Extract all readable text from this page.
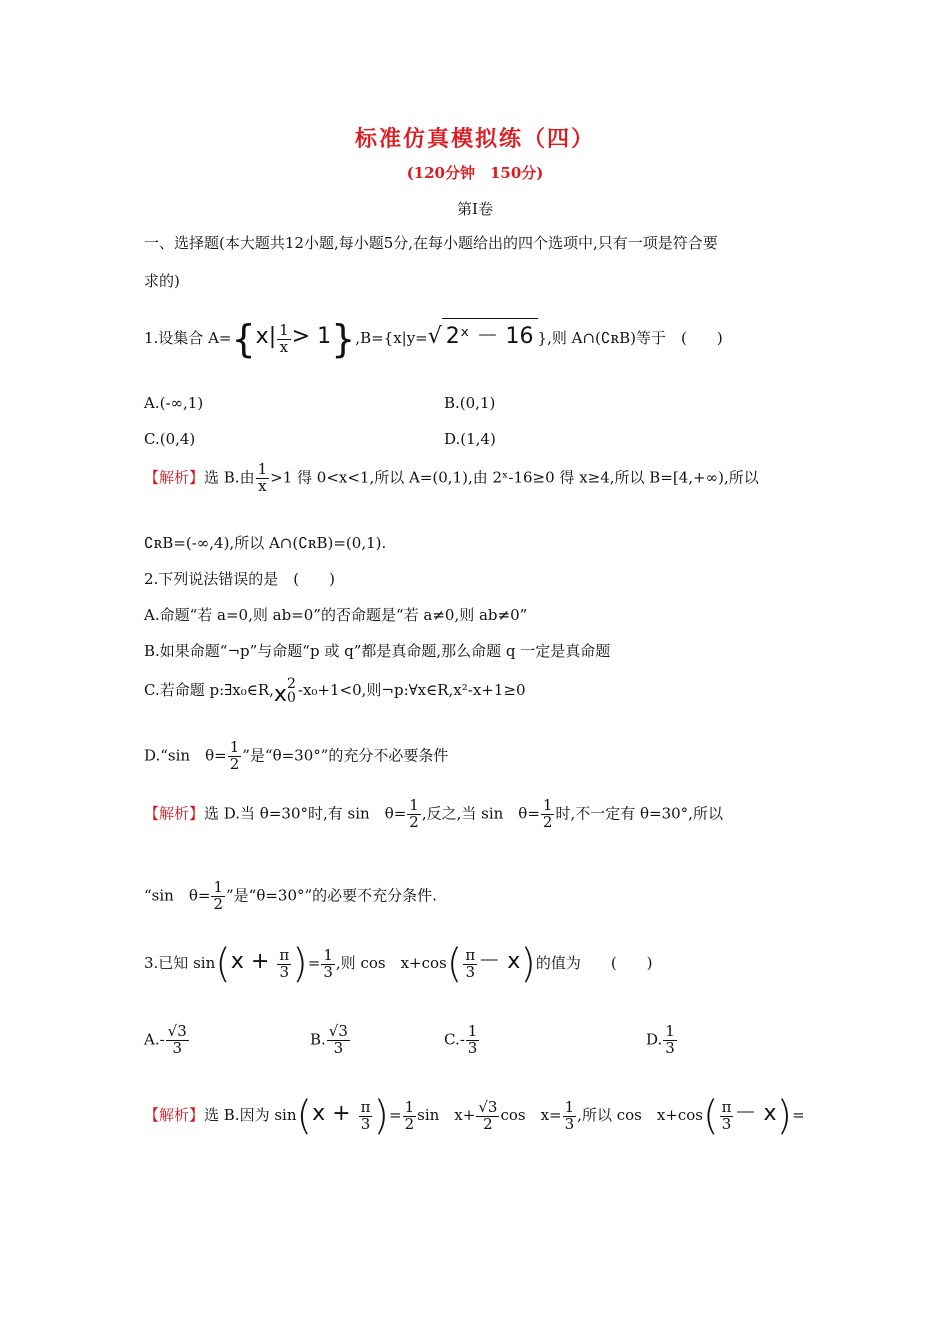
标准仿真模拟练（四）
(120分钟　150分)
第Ⅰ卷
一、选择题(本大题共12小题,每小题5分,在每小题给出的四个选项中,只有一项是符合要
求的)
1.设集合 $A=\{x| \frac{1}{x} > 1\},B=\{x|y=√$ 2ˣ － 16 },则 A∩(∁ʀB)等于　(　　)
A.(-∞,1)	B.(0,1)
C.(0,4)	D.(1,4)
【解析】选 B.由 $\frac{1}{x} >1$ 得 0<x<1,所以 A=(0,1),由 2ˣ-16≥0 得 x≥4,所以 B=[4,+∞),所以
∁ʀB=(-∞,4),所以 A∩(∁ʀB)=(0,1).
2.下列说法错误的是　(　　)
A.命题“若 a=0,则 ab=0”的否命题是“若 a≠0,则 ab≠0”
B.如果命题“¬p”与命题“p 或 q”都是真命题,那么命题 q 一定是真命题
C.若命题 p:∃x₀∈R,x 2
0 -x₀+1<0,则¬p:∀x∈R,x²-x+1≥0
D.“sin　$\theta= \frac{1}{2}$ ”是“θ=30°”的充分不必要条件
【解析】选 D.当 θ=30°时,有 sin　$\theta= \frac{1}{2}$ ,反之,当 sin　$\theta= \frac{1}{2}$ 时,不一定有 θ=30°,所以
“sin　$\theta= \frac{1}{2}$ ”是“θ=30°”的必要不充分条件.
3.已知 $\sin(x + \frac{\pi}{3}$ )= $\frac{1}{3}$ ,则 cos　$x+\cos( \frac{\pi}{3} - x)$的值为　　(　　)
$A.- \frac{√3}{3}$	B. $\frac{√3}{3}$	$C.- \frac{1}{3}$	D. $\frac{1}{3}$
【解析】选 B.因为 $\sin(x + \frac{\pi}{3}$ )= $\frac{1}{2}$ sin　$x+ \frac{√3}{2}$ cos　$x= \frac{1}{3}$ ,所以 cos　$x+\cos( \frac{\pi}{3} - x)=$
